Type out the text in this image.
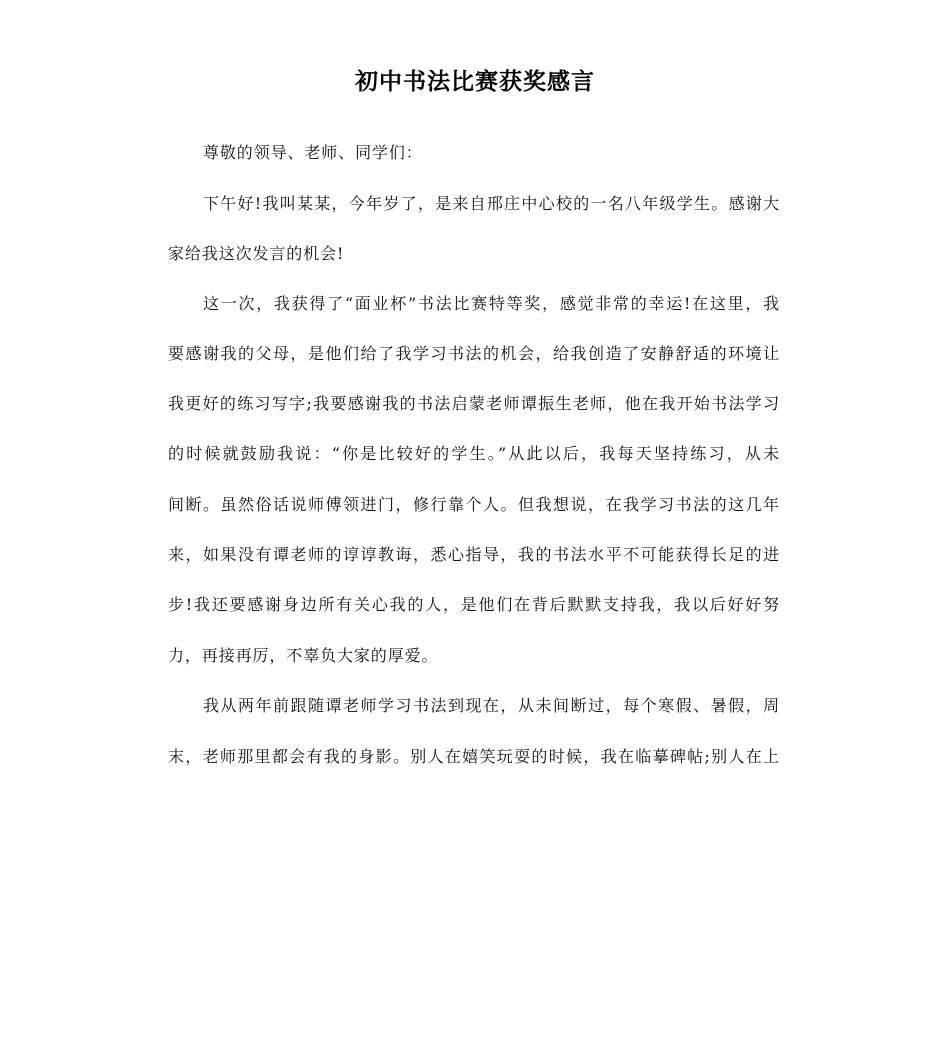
初中书法比赛获奖感言
尊敬的领导、老师、同学们：
下午好!我叫某某，今年岁了，是来自邢庄中心校的一名八年级学生。感谢大
家给我这次发言的机会!
这一次，我获得了“面业杯”书法比赛特等奖，感觉非常的幸运!在这里，我
要感谢我的父母，是他们给了我学习书法的机会，给我创造了安静舒适的环境让
我更好的练习写字;我要感谢我的书法启蒙老师谭振生老师，他在我开始书法学习
的时候就鼓励我说：“你是比较好的学生。”从此以后，我每天坚持练习，从未
间断。虽然俗话说师傅领进门，修行靠个人。但我想说，在我学习书法的这几年
来，如果没有谭老师的谆谆教诲，悉心指导，我的书法水平不可能获得长足的进
步!我还要感谢身边所有关心我的人，是他们在背后默默支持我，我以后好好努
力，再接再厉，不辜负大家的厚爱。
我从两年前跟随谭老师学习书法到现在，从未间断过，每个寒假、暑假，周
末，老师那里都会有我的身影。别人在嬉笑玩耍的时候，我在临摹碑帖;别人在上
